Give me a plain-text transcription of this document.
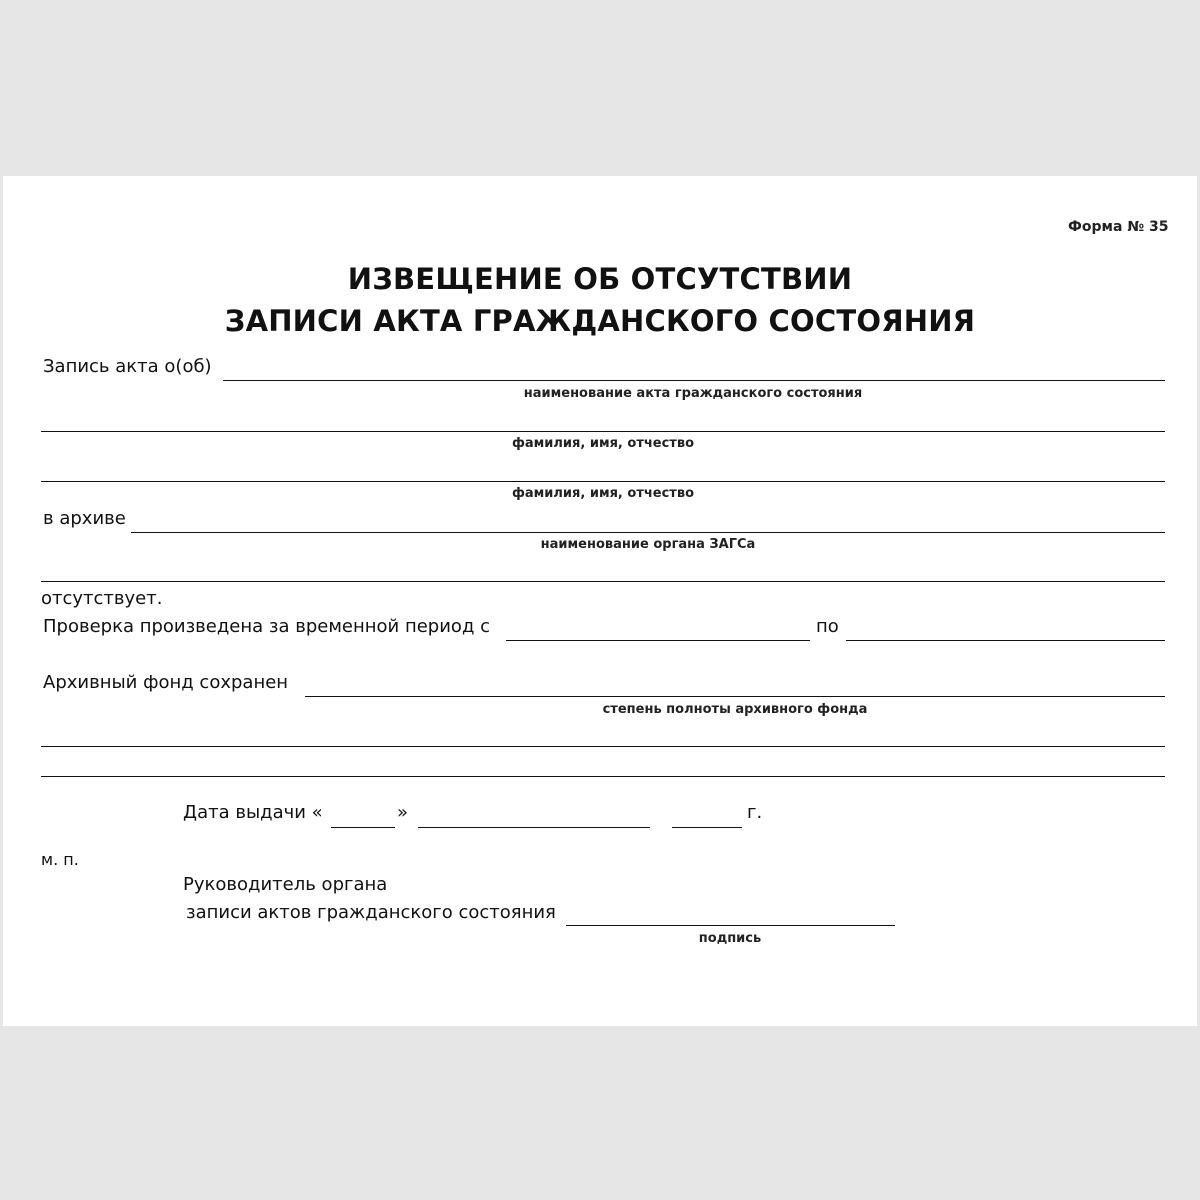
Форма № 35
ИЗВЕЩЕНИЕ ОБ ОТСУТСТВИИ
ЗАПИСИ АКТА ГРАЖДАНСКОГО СОСТОЯНИЯ
Запись акта о(об)
наименование акта гражданского состояния
фамилия, имя, отчество
фамилия, имя, отчество
в архиве
наименование органа ЗАГСа
отсутствует.
Проверка произведена за временной период с	по
Архивный фонд сохранен
степень полноты архивного фонда
Дата выдачи «	»	г.
м. п.
Руководитель органа
записи актов гражданского состояния
подпись
